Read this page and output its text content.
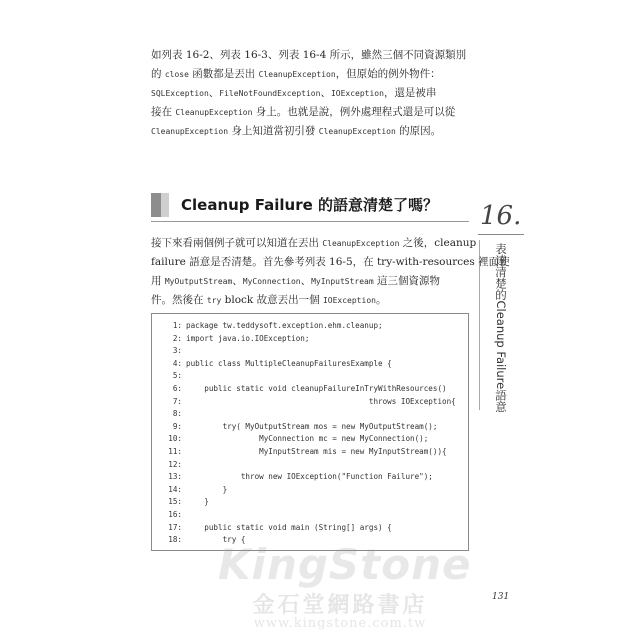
如列表 16-2、列表 16-3、列表 16-4 所示，雖然三個不同資源類別
的 close 函數都是丟出 CleanupException，但原始的例外物件：
SQLException、FileNotFoundException、IOException，還是被串
接在 CleanupException 身上。也就是說，例外處理程式還是可以從
CleanupException 身上知道當初引發 CleanupException 的原因。
Cleanup Failure 的語意清楚了嗎？ 16.
表達清楚的Cleanup Failure語意
接下來看兩個例子就可以知道在丟出 CleanupException 之後，cleanup
failure 語意是否清楚。首先參考列表 16-5，在 try-with-resources 裡面使
用 MyOutputStream、MyConnection、MyInputStream 這三個資源物
件。然後在 try block 故意丟出一個 IOException。
1: package tw.teddysoft.exception.ehm.cleanup;
2: import java.io.IOException;
3:
4: public class MultipleCleanupFailuresExample {
5:
6: public static void cleanupFailureInTryWithResources()
7: throws IOException{
8:
9: try( MyOutputStream mos = new MyOutputStream();
10: MyConnection mc = new MyConnection();
11: MyInputStream mis = new MyInputStream()){
12:
13: throw new IOException("Function Failure");
14: }
15: }
16:
17: public static void main (String[] args) {
18: try {
KingStone
金石堂網路書店
www.kingstone.com.tw
131
